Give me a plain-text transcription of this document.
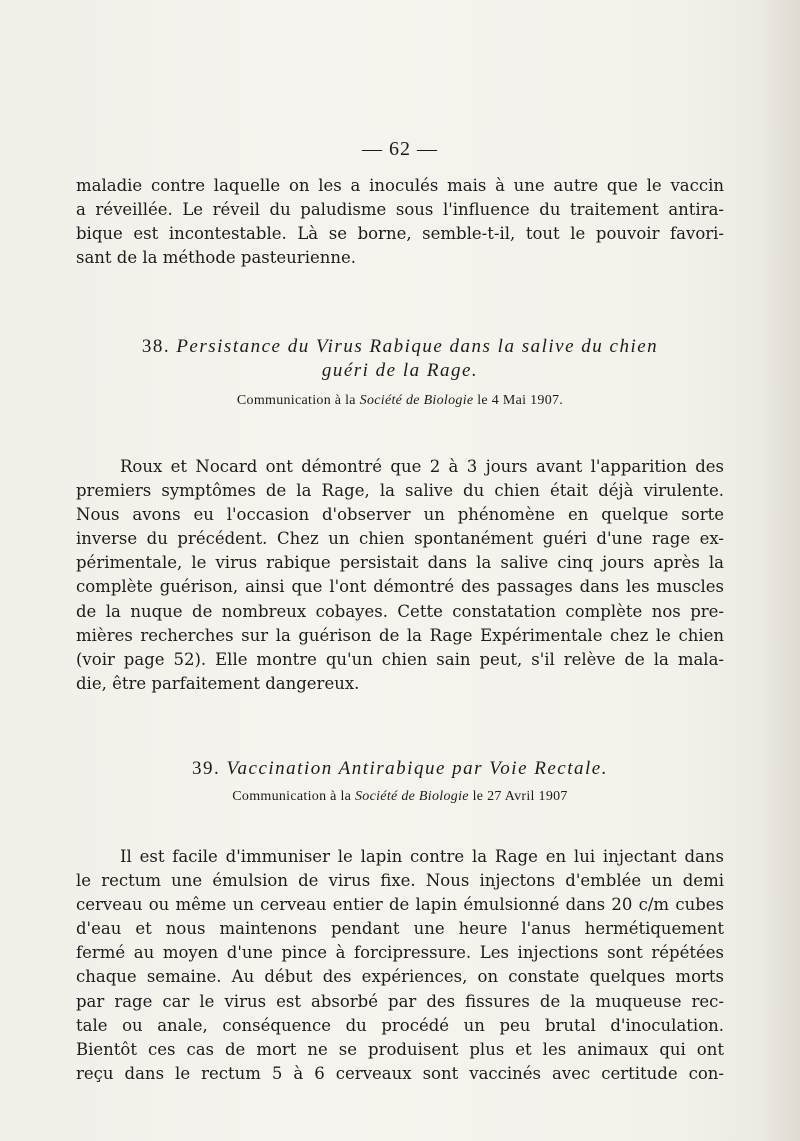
— 62 —
maladie contre laquelle on les a inoculés mais à une autre que le vaccin
a réveillée. Le réveil du paludisme sous l'influence du traitement antira-
bique est incontestable. Là se borne, semble-t-il, tout le pouvoir favori-
sant de la méthode pasteurienne.
38. Persistance du Virus Rabique dans la salive du chien
guéri de la Rage.
Communication à la Société de Biologie le 4 Mai 1907.
Roux et Nocard ont démontré que 2 à 3 jours avant l'apparition des
premiers symptômes de la Rage, la salive du chien était déjà virulente.
Nous avons eu l'occasion d'observer un phénomène en quelque sorte
inverse du précédent. Chez un chien spontanément guéri d'une rage ex-
périmentale, le virus rabique persistait dans la salive cinq jours après la
complète guérison, ainsi que l'ont démontré des passages dans les muscles
de la nuque de nombreux cobayes. Cette constatation complète nos pre-
mières recherches sur la guérison de la Rage Expérimentale chez le chien
(voir page 52). Elle montre qu'un chien sain peut, s'il relève de la mala-
die, être parfaitement dangereux.
39. Vaccination Antirabique par Voie Rectale.
Communication à la Société de Biologie le 27 Avril 1907
Il est facile d'immuniser le lapin contre la Rage en lui injectant dans
le rectum une émulsion de virus fixe. Nous injectons d'emblée un demi
cerveau ou même un cerveau entier de lapin émulsionné dans 20 c/m cubes
d'eau et nous maintenons pendant une heure l'anus hermétiquement
fermé au moyen d'une pince à forcipressure. Les injections sont répétées
chaque semaine. Au début des expériences, on constate quelques morts
par rage car le virus est absorbé par des fissures de la muqueuse rec-
tale ou anale, conséquence du procédé un peu brutal d'inoculation.
Bientôt ces cas de mort ne se produisent plus et les animaux qui ont
reçu dans le rectum 5 à 6 cerveaux sont vaccinés avec certitude con-
